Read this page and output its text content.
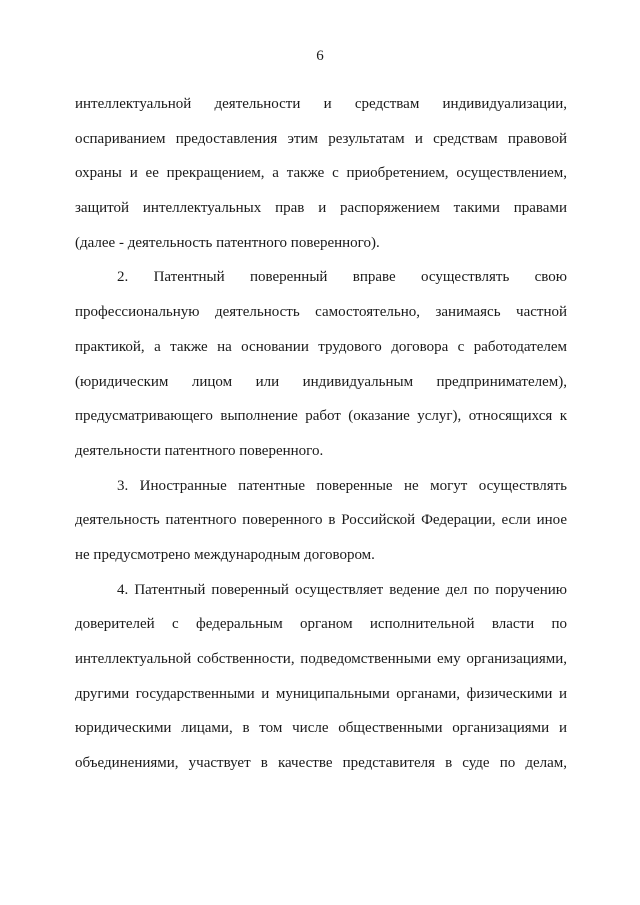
6
интеллектуальной деятельности и средствам индивидуализации,
оспариванием предоставления этим результатам и средствам правовой
охраны и ее прекращением, а также с приобретением, осуществлением,
защитой интеллектуальных прав и распоряжением такими правами
(далее - деятельность патентного поверенного).
2. Патентный поверенный вправе осуществлять свою
профессиональную деятельность самостоятельно, занимаясь частной
практикой, а также на основании трудового договора с работодателем
(юридическим лицом или индивидуальным предпринимателем),
предусматривающего выполнение работ (оказание услуг), относящихся к
деятельности патентного поверенного.
3. Иностранные патентные поверенные не могут осуществлять
деятельность патентного поверенного в Российской Федерации, если иное
не предусмотрено международным договором.
4. Патентный поверенный осуществляет ведение дел по поручению
доверителей с федеральным органом исполнительной власти по
интеллектуальной собственности, подведомственными ему организациями,
другими государственными и муниципальными органами, физическими и
юридическими лицами, в том числе общественными организациями и
объединениями, участвует в качестве представителя в суде по делам,
